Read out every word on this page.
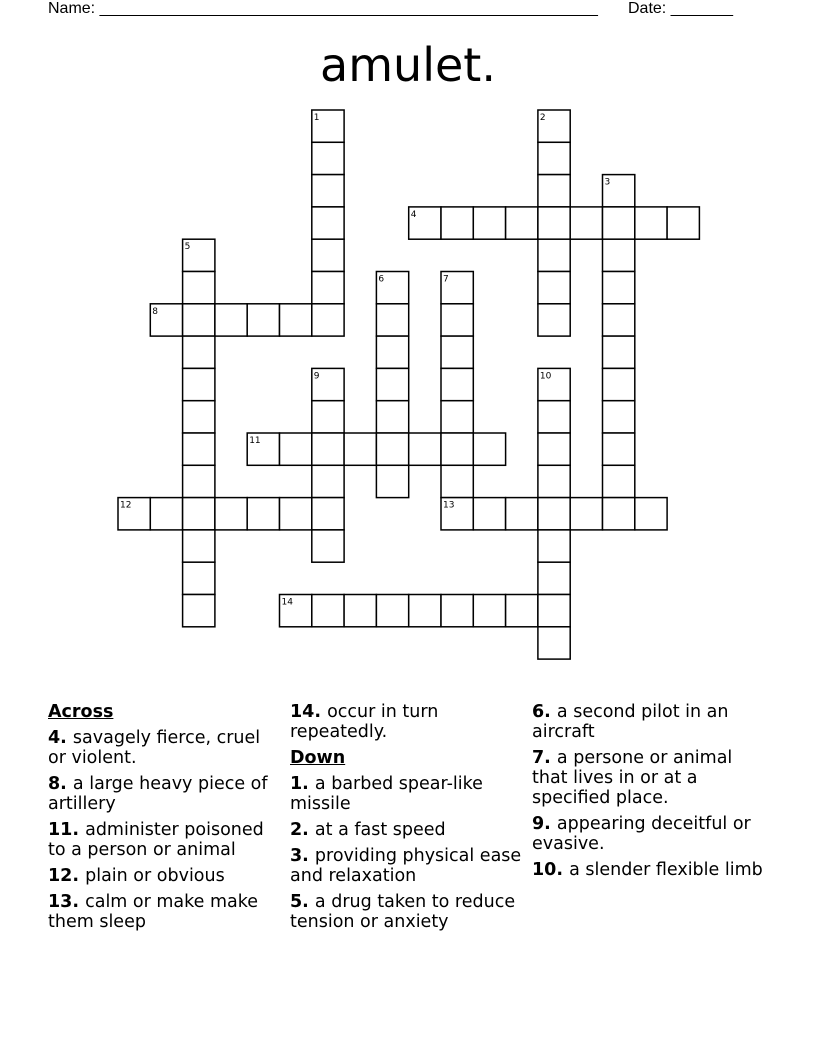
Name: ________________________________________________________ Date: _______
amulet.
1	2
3
4
5
6	7
8
9	10
11
12	13
14
Across
4. savagely fierce, cruel or violent.
8. a large heavy piece of artillery
11. administer poisoned to a person or animal
12. plain or obvious
13. calm or make make them sleep
14. occur in turn repeatedly.
Down
1. a barbed spear-like missile
2. at a fast speed
3. providing physical ease and relaxation
5. a drug taken to reduce tension or anxiety
6. a second pilot in an aircraft
7. a persone or animal that lives in or at a specified place.
9. appearing deceitful or evasive.
10. a slender flexible limb
